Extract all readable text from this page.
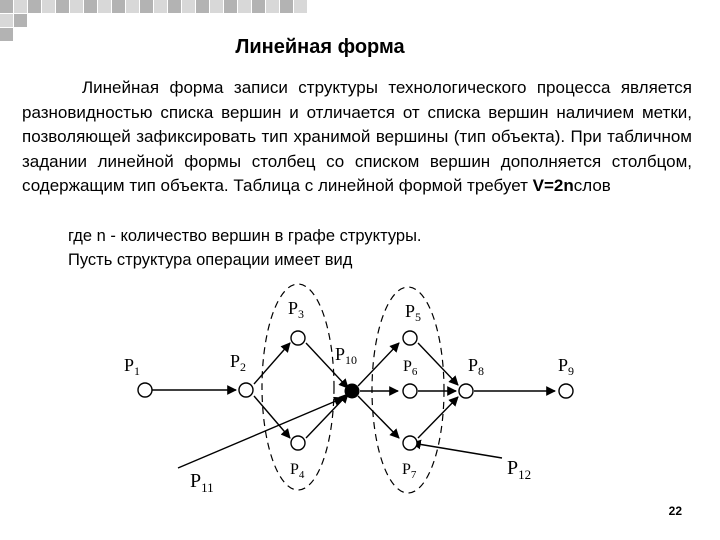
Линейная форма
Линейная форма записи структуры технологического процесса является разновидностью списка вершин и отличается от списка вершин наличием метки, позволяющей зафиксировать тип хранимой вершины (тип объекта). При табличном задании линейной формы столбец со списком вершин дополняется столбцом, содержащим тип объекта. Таблица с линейной формой требует V=2nслов
где n - количество вершин в графе структуры.
Пусть структура операции имеет вид
$P_1$	$P_2$
$P_3$
$P_4$
$P_5$
$P_6$
$P_7$
$P_8$	$P_9$
$P_{10}$
$P_{11}$
$P_{12}$
22
